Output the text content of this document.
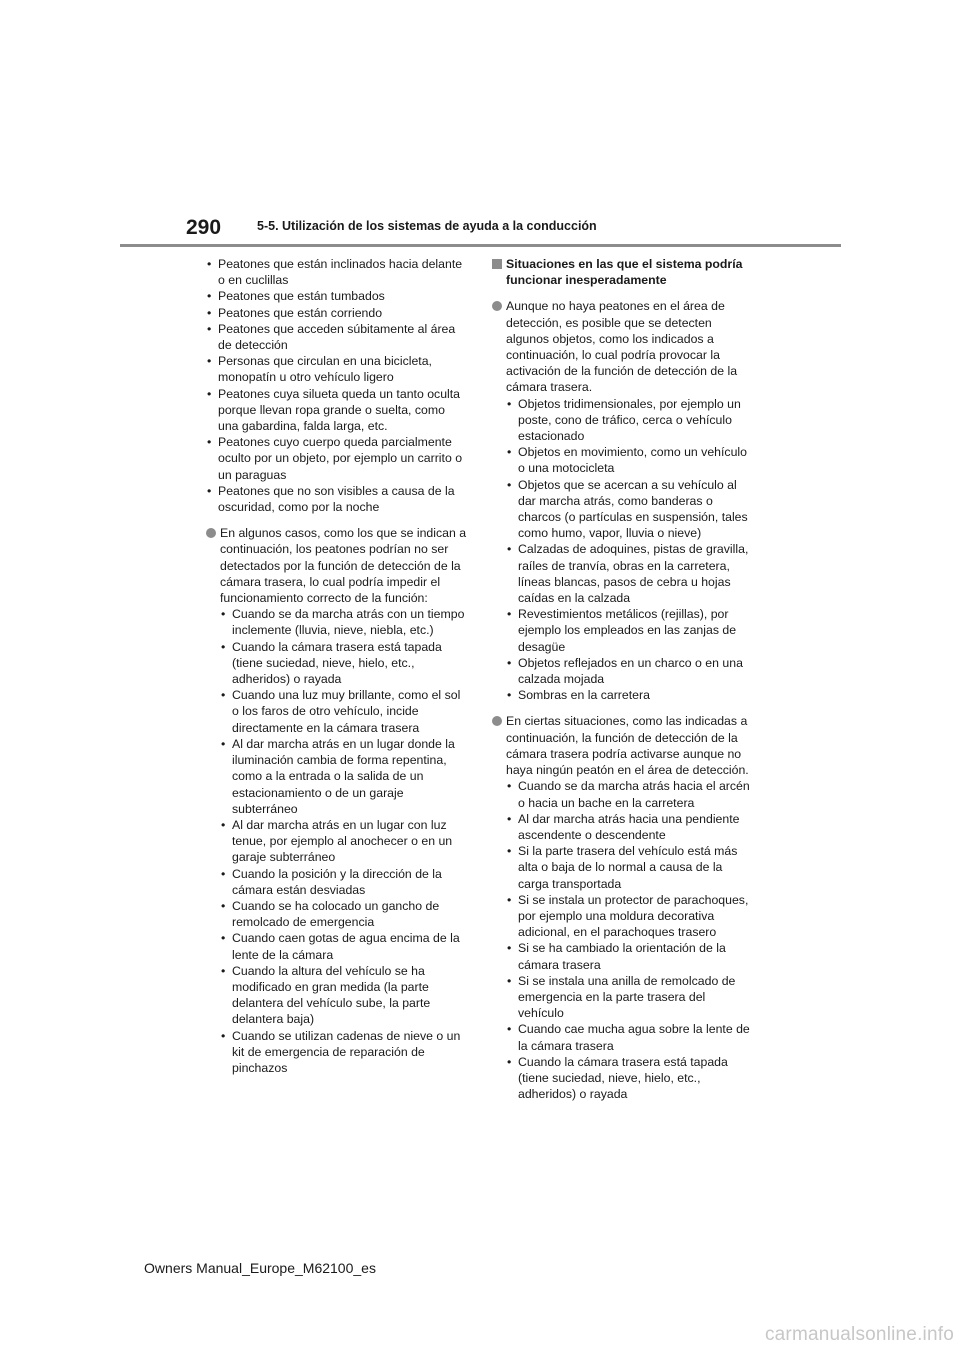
290	5-5. Utilización de los sistemas de ayuda a la conducción
• Peatones que están inclinados hacia delante o en cuclillas
• Peatones que están tumbados
• Peatones que están corriendo
• Peatones que acceden súbitamente al área de detección
• Personas que circulan en una bicicleta, monopatín u otro vehículo ligero
• Peatones cuya silueta queda un tanto oculta porque llevan ropa grande o suelta, como una gabardina, falda larga, etc.
• Peatones cuyo cuerpo queda parcialmente oculto por un objeto, por ejemplo un carrito o un paraguas
• Peatones que no son visibles a causa de la oscuridad, como por la noche
En algunos casos, como los que se indican a continuación, los peatones podrían no ser detectados por la función de detección de la cámara trasera, lo cual podría impedir el funcionamiento correcto de la función:
• Cuando se da marcha atrás con un tiempo inclemente (lluvia, nieve, niebla, etc.)
• Cuando la cámara trasera está tapada (tiene suciedad, nieve, hielo, etc., adheridos) o rayada
• Cuando una luz muy brillante, como el sol o los faros de otro vehículo, incide directamente en la cámara trasera
• Al dar marcha atrás en un lugar donde la iluminación cambia de forma repentina, como a la entrada o la salida de un estacionamiento o de un garaje subterráneo
• Al dar marcha atrás en un lugar con luz tenue, por ejemplo al anochecer o en un garaje subterráneo
• Cuando la posición y la dirección de la cámara están desviadas
• Cuando se ha colocado un gancho de remolcado de emergencia
• Cuando caen gotas de agua encima de la lente de la cámara
• Cuando la altura del vehículo se ha modificado en gran medida (la parte delantera del vehículo sube, la parte delantera baja)
• Cuando se utilizan cadenas de nieve o un kit de emergencia de reparación de pinchazos
Situaciones en las que el sistema podría funcionar inesperadamente
Aunque no haya peatones en el área de detección, es posible que se detecten algunos objetos, como los indicados a continuación, lo cual podría provocar la activación de la función de detección de la cámara trasera.
• Objetos tridimensionales, por ejemplo un poste, cono de tráfico, cerca o vehículo estacionado
• Objetos en movimiento, como un vehículo o una motocicleta
• Objetos que se acercan a su vehículo al dar marcha atrás, como banderas o charcos (o partículas en suspensión, tales como humo, vapor, lluvia o nieve)
• Calzadas de adoquines, pistas de gravilla, raíles de tranvía, obras en la carretera, líneas blancas, pasos de cebra u hojas caídas en la calzada
• Revestimientos metálicos (rejillas), por ejemplo los empleados en las zanjas de desagüe
• Objetos reflejados en un charco o en una calzada mojada
• Sombras en la carretera
En ciertas situaciones, como las indicadas a continuación, la función de detección de la cámara trasera podría activarse aunque no haya ningún peatón en el área de detección.
• Cuando se da marcha atrás hacia el arcén o hacia un bache en la carretera
• Al dar marcha atrás hacia una pendiente ascendente o descendente
• Si la parte trasera del vehículo está más alta o baja de lo normal a causa de la carga transportada
• Si se instala un protector de parachoques, por ejemplo una moldura decorativa adicional, en el parachoques trasero
• Si se ha cambiado la orientación de la cámara trasera
• Si se instala una anilla de remolcado de emergencia en la parte trasera del vehículo
• Cuando cae mucha agua sobre la lente de la cámara trasera
• Cuando la cámara trasera está tapada (tiene suciedad, nieve, hielo, etc., adheridos) o rayada
Owners Manual_Europe_M62100_es
carmanualsonline.info
